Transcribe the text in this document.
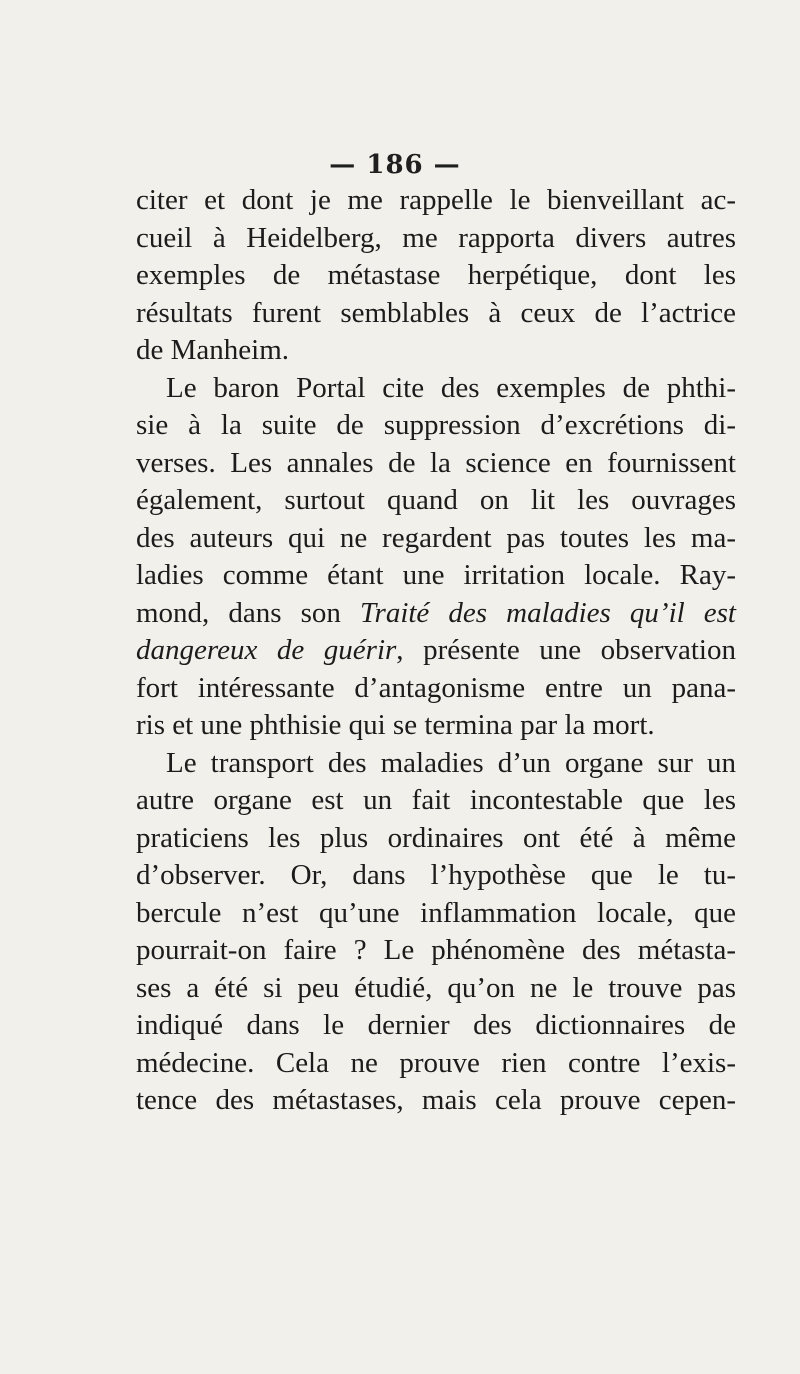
— 186 —
citer et dont je me rappelle le bienveillant ac-
cueil à Heidelberg, me rapporta divers autres
exemples de métastase herpétique, dont les
résultats furent semblables à ceux de l’actrice
de Manheim.
Le baron Portal cite des exemples de phthi-
sie à la suite de suppression d’excrétions di-
verses. Les annales de la science en fournissent
également, surtout quand on lit les ouvrages
des auteurs qui ne regardent pas toutes les ma-
ladies comme étant une irritation locale. Ray-
mond, dans son Traité des maladies qu’il est
dangereux de guérir, présente une observation
fort intéressante d’antagonisme entre un pana-
ris et une phthisie qui se termina par la mort.
Le transport des maladies d’un organe sur un
autre organe est un fait incontestable que les
praticiens les plus ordinaires ont été à même
d’observer. Or, dans l’hypothèse que le tu-
bercule n’est qu’une inflammation locale, que
pourrait-on faire ? Le phénomène des métasta-
ses a été si peu étudié, qu’on ne le trouve pas
indiqué dans le dernier des dictionnaires de
médecine. Cela ne prouve rien contre l’exis-
tence des métastases, mais cela prouve cepen-
